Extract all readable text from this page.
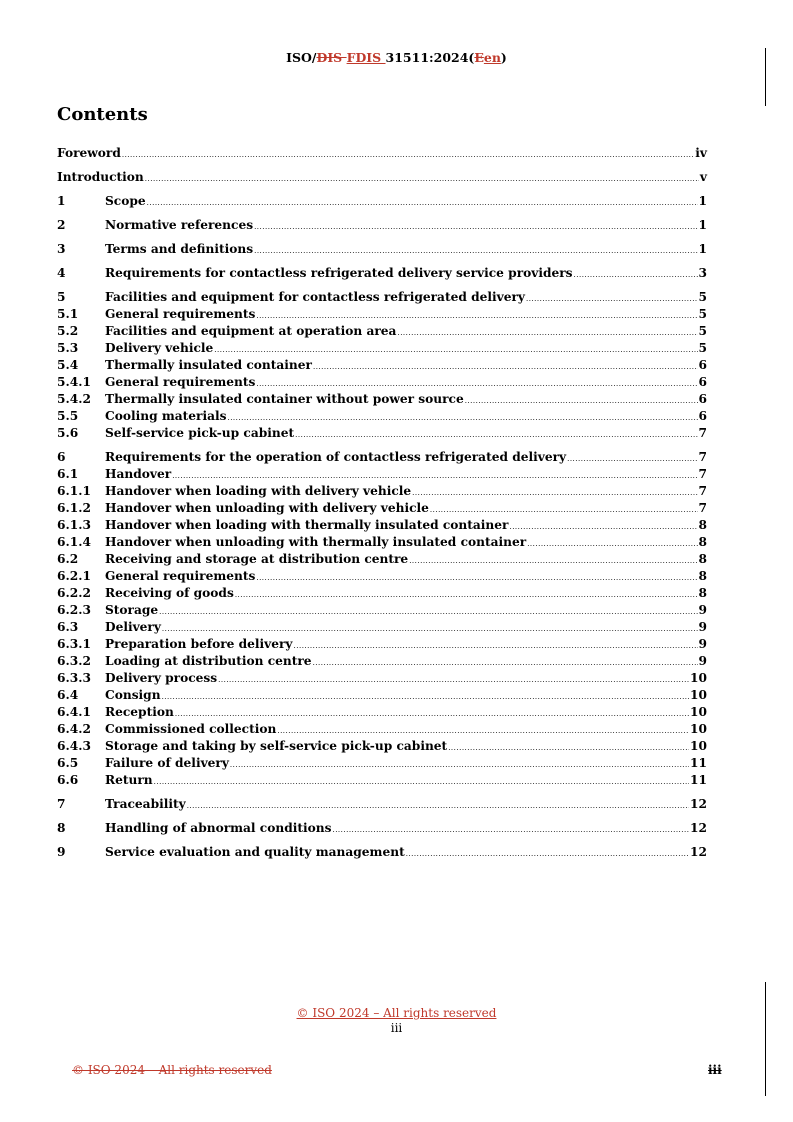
ISO/DIS FDIS 31511:2024(Een)
Contents
Foreword .....	iv
Introduction .....	v
1	Scope .....	1
2	Normative references .....	1
3	Terms and definitions .....	1
4	Requirements for contactless refrigerated delivery service providers .....	3
5	Facilities and equipment for contactless refrigerated delivery .....	5
5.1	General requirements .....	5
5.2	Facilities and equipment at operation area .....	5
5.3	Delivery vehicle .....	5
5.4	Thermally insulated container .....	6
5.4.1	General requirements .....	6
5.4.2	Thermally insulated container without power source .....	6
5.5	Cooling materials .....	6
5.6	Self-service pick-up cabinet .....	7
6	Requirements for the operation of contactless refrigerated delivery .....	7
6.1	Handover .....	7
6.1.1	Handover when loading with delivery vehicle .....	7
6.1.2	Handover when unloading with delivery vehicle .....	7
6.1.3	Handover when loading with thermally insulated container .....	8
6.1.4	Handover when unloading with thermally insulated container .....	8
6.2	Receiving and storage at distribution centre .....	8
6.2.1	General requirements .....	8
6.2.2	Receiving of goods .....	8
6.2.3	Storage .....	9
6.3	Delivery .....	9
6.3.1	Preparation before delivery .....	9
6.3.2	Loading at distribution centre .....	9
6.3.3	Delivery process .....	10
6.4	Consign .....	10
6.4.1	Reception .....	10
6.4.2	Commissioned collection .....	10
6.4.3	Storage and taking by self-service pick-up cabinet .....	10
6.5	Failure of delivery .....	11
6.6	Return .....	11
7	Traceability .....	12
8	Handling of abnormal conditions .....	12
9	Service evaluation and quality management .....	12
© ISO 2024 – All rights reserved
iii
© ISO 2024 – All rights reserved	iii
